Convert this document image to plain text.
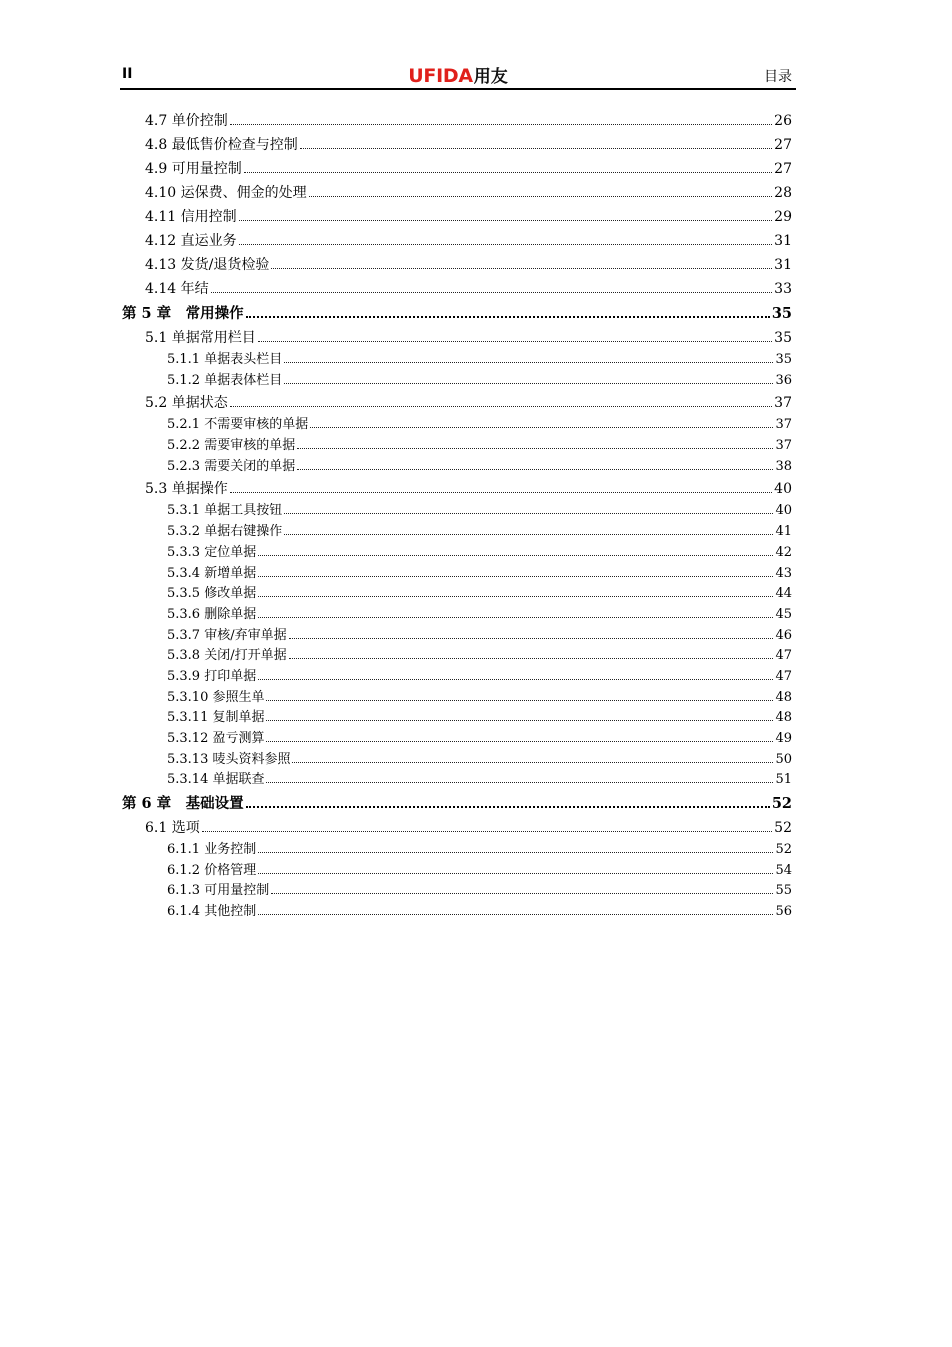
II	UFIDA用友	目录
4.7 单价控制	26
4.8 最低售价检查与控制	27
4.9 可用量控制	27
4.10 运保费、佣金的处理	28
4.11 信用控制	29
4.12 直运业务	31
4.13 发货/退货检验	31
4.14 年结	33
第 5 章　常用操作	35
5.1 单据常用栏目	35
5.1.1 单据表头栏目	35
5.1.2 单据表体栏目	36
5.2 单据状态	37
5.2.1 不需要审核的单据	37
5.2.2 需要审核的单据	37
5.2.3 需要关闭的单据	38
5.3 单据操作	40
5.3.1 单据工具按钮	40
5.3.2 单据右键操作	41
5.3.3 定位单据	42
5.3.4 新增单据	43
5.3.5 修改单据	44
5.3.6 删除单据	45
5.3.7 审核/弃审单据	46
5.3.8 关闭/打开单据	47
5.3.9 打印单据	47
5.3.10 参照生单	48
5.3.11 复制单据	48
5.3.12 盈亏测算	49
5.3.13 唛头资料参照	50
5.3.14 单据联查	51
第 6 章　基础设置	52
6.1 选项	52
6.1.1 业务控制	52
6.1.2 价格管理	54
6.1.3 可用量控制	55
6.1.4 其他控制	56
